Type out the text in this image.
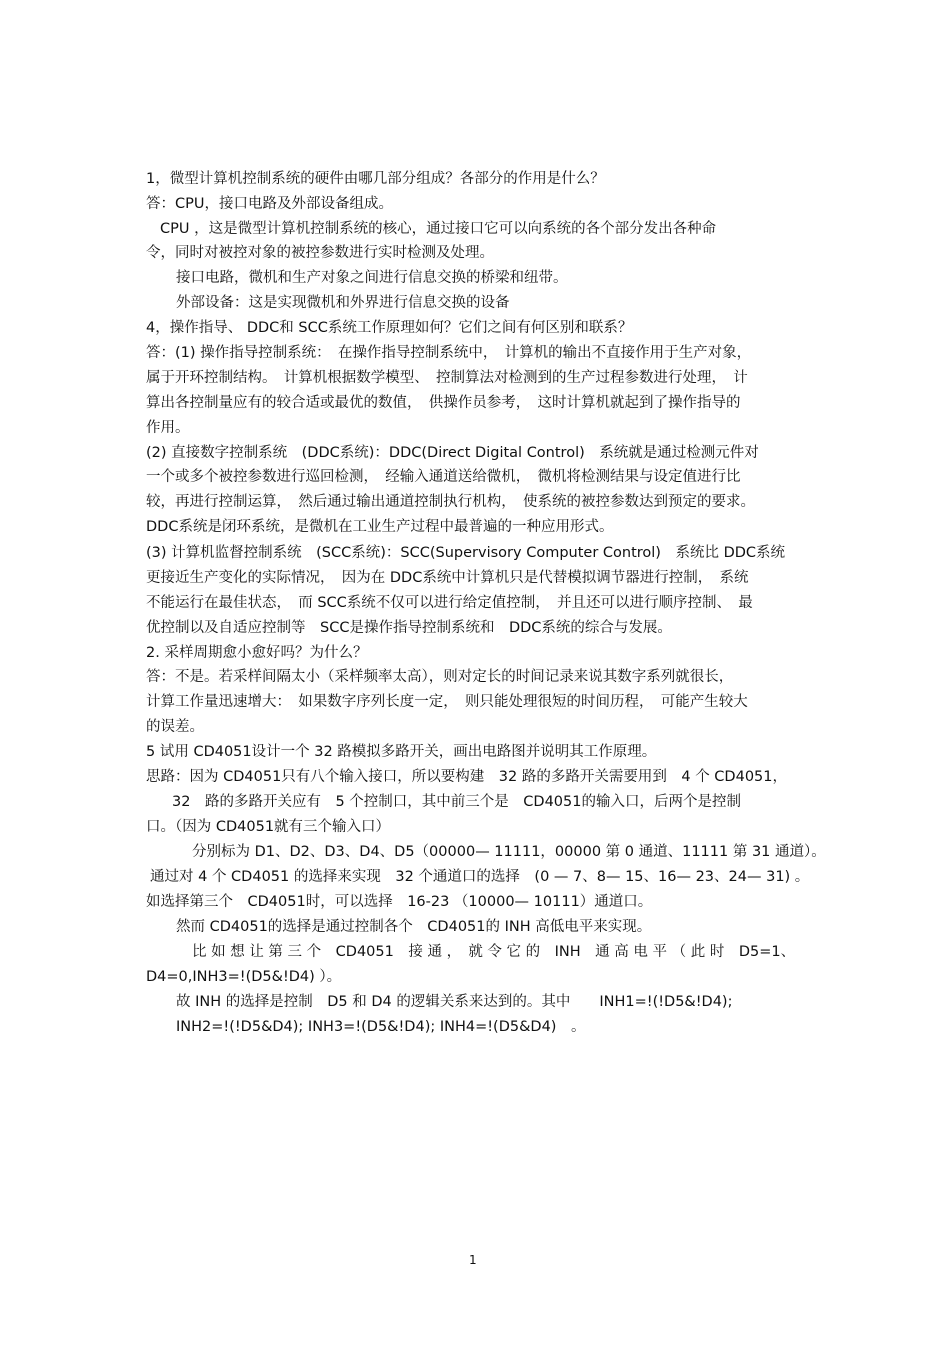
1，微型计算机控制系统的硬件由哪几部分组成？各部分的作用是什么？
答：CPU，接口电路及外部设备组成。
CPU ，这是微型计算机控制系统的核心，通过接口它可以向系统的各个部分发出各种命
令，同时对被控对象的被控参数进行实时检测及处理。
接口电路，微机和生产对象之间进行信息交换的桥梁和纽带。
外部设备：这是实现微机和外界进行信息交换的设备
4，操作指导、 DDC和 SCC系统工作原理如何？它们之间有何区别和联系？
答：(1) 操作指导控制系统：　在操作指导控制系统中，　计算机的输出不直接作用于生产对象，
属于开环控制结构。　计算机根据数学模型、　控制算法对检测到的生产过程参数进行处理，　计
算出各控制量应有的较合适或最优的数值，　供操作员参考，　这时计算机就起到了操作指导的
作用。
(2) 直接数字控制系统　(DDC系统)：DDC(Direct Digital Control)　系统就是通过检测元件对
一个或多个被控参数进行巡回检测，　经输入通道送给微机，　微机将检测结果与设定值进行比
较，再进行控制运算，　然后通过输出通道控制执行机构，　使系统的被控参数达到预定的要求。
DDC系统是闭环系统，是微机在工业生产过程中最普遍的一种应用形式。
(3) 计算机监督控制系统　(SCC系统)：SCC(Supervisory Computer Control)　系统比 DDC系统
更接近生产变化的实际情况，　因为在 DDC系统中计算机只是代替模拟调节器进行控制，　系统
不能运行在最佳状态，　而 SCC系统不仅可以进行给定值控制，　并且还可以进行顺序控制、　最
优控制以及自适应控制等　SCC是操作指导控制系统和　DDC系统的综合与发展。
2. 采样周期愈小愈好吗？为什么？
答：不是。若采样间隔太小（采样频率太高），则对定长的时间记录来说其数字系列就很长，
计算工作量迅速增大：　如果数字序列长度一定，　则只能处理很短的时间历程，　可能产生较大
的误差。
5 试用 CD4051设计一个 32 路模拟多路开关，画出电路图并说明其工作原理。
思路：因为 CD4051只有八个输入接口，所以要构建　32 路的多路开关需要用到　4 个 CD4051，
32　路的多路开关应有　5 个控制口，其中前三个是　CD4051的输入口，后两个是控制
口。（因为 CD4051就有三个输入口）
分别标为 D1、D2、D3、D4、D5（00000— 11111，00000 第 0 通道、11111 第 31 通道）。
通过对 4 个 CD4051 的选择来实现　32 个通道口的选择　(0 — 7、8— 15、16— 23、24— 31) 。
如选择第三个　CD4051时，可以选择　16-23 （10000— 10111）通道口。
然而 CD4051的选择是通过控制各个　CD4051的 INH 高低电平来实现。
比 如 想 让 第 三 个　CD4051　接 通 ，　就 令 它 的　INH　通 高 电 平 （ 此 时　D5=1、
D4=0,INH3=!(D5&!D4) ）。
故 INH 的选择是控制　D5 和 D4 的逻辑关系来达到的。其中　　INH1=!(!D5&!D4);
INH2=!(!D5&D4); INH3=!(D5&!D4); INH4=!(D5&D4)　。
1
